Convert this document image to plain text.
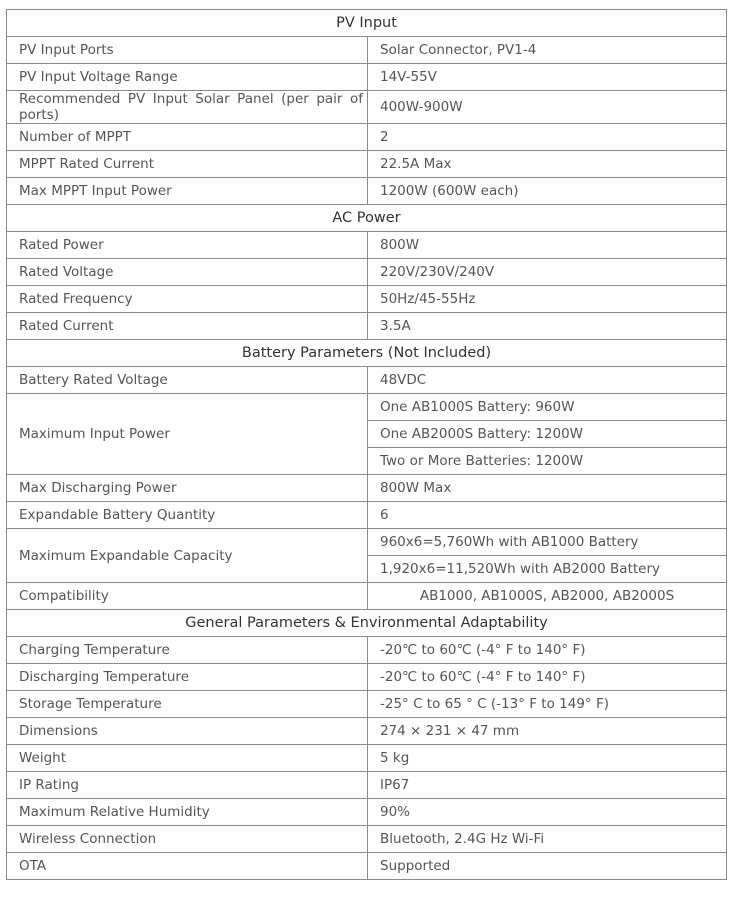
PV Input	
PV Input Ports	Solar Connector, PV1-4
PV Input Voltage Range	14V-55V
Recommended PV Input Solar Panel (per pair of ports)	400W-900W
Number of MPPT	2
MPPT Rated Current	22.5A Max
Max MPPT Input Power	1200W (600W each)
AC Power	
Rated Power	800W
Rated Voltage	220V/230V/240V
Rated Frequency	50Hz/45-55Hz
Rated Current	3.5A
Battery Parameters (Not Included)	
Battery Rated Voltage	48VDC
Maximum Input Power	One AB1000S Battery: 960W
	One AB2000S Battery: 1200W
	Two or More Batteries: 1200W
Max Discharging Power	800W Max
Expandable Battery Quantity	6
Maximum Expandable Capacity	960x6=5,760Wh with AB1000 Battery
	1,920x6=11,520Wh with AB2000 Battery
Compatibility	AB1000, AB1000S, AB2000, AB2000S
General Parameters & Environmental Adaptability	
Charging Temperature	-20℃ to 60℃ (-4° F to 140° F)
Discharging Temperature	-20℃ to 60℃ (-4° F to 140° F)
Storage Temperature	-25° C to 65 ° C (-13° F to 149° F)
Dimensions	274 × 231 × 47 mm
Weight	5 kg
IP Rating	IP67
Maximum Relative Humidity	90%
Wireless Connection	Bluetooth, 2.4G Hz Wi-Fi
OTA	Supported
